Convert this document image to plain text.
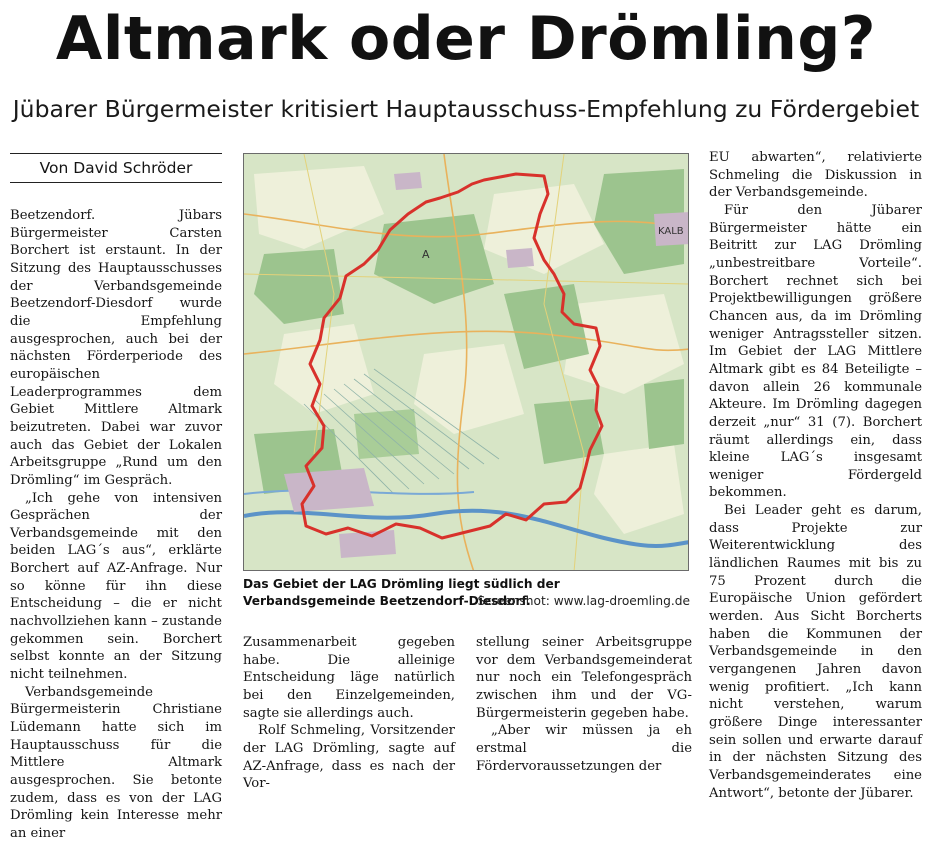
Altmark oder Drömling?
Jübarer Bürgermeister kritisiert Hauptausschuss-Empfehlung zu Fördergebiet
Von David Schröder

Beetzendorf. Jübars Bürgermeister Carsten Borchert ist erstaunt. In der Sitzung des Hauptausschusses der Verbandsgemeinde Beetzendorf-Diesdorf wurde die Empfehlung ausgesprochen, auch bei der nächsten Förderperiode des europäischen Leaderprogrammes dem Gebiet Mittlere Altmark beizutreten. Dabei war zuvor auch das Gebiet der Lokalen Arbeitsgruppe „Rund um den Drömling“ im Gespräch.

„Ich gehe von intensiven Gesprächen der Verbandsgemeinde mit den beiden LAG´s aus“, erklärte Borchert auf AZ-Anfrage. Nur so könne für ihn diese Entscheidung – die er nicht nachvollziehen kann – zustande gekommen sein. Borchert selbst konnte an der Sitzung nicht teilnehmen.

Verbandsgemeinde Bürgermeisterin Christiane Lüdemann hatte sich im Hauptausschuss für die Mittlere Altmark ausgesprochen. Sie betonte zudem, dass es von der LAG Drömling kein Interesse mehr an einer

KALB
A
Das Gebiet der LAG Drömling liegt südlich der Verbandsgemeinde Beetzendorf-Diesdorf.
Screenshot: www.lag-droemling.de

Zusammenarbeit gegeben habe. Die alleinige Entscheidung läge natürlich bei den Einzelgemeinden, sagte sie allerdings auch.

Rolf Schmeling, Vorsitzender der LAG Drömling, sagte auf AZ-Anfrage, dass es nach der Vor-

stellung seiner Arbeitsgruppe vor dem Verbandsgemeinderat nur noch ein Telefongespräch zwischen ihm und der VG-Bürgermeisterin gegeben habe.

„Aber wir müssen ja eh erstmal die Fördervoraussetzungen der

EU abwarten“, relativierte Schmeling die Diskussion in der Verbandsgemeinde.

Für den Jübarer Bürgermeister hätte ein Beitritt zur LAG Drömling „unbestreitbare Vorteile“. Borchert rechnet sich bei Projektbewilligungen größere Chancen aus, da im Drömling weniger Antragssteller sitzen. Im Gebiet der LAG Mittlere Altmark gibt es 84 Beteiligte – davon allein 26 kommunale Akteure. Im Drömling dagegen derzeit „nur“ 31 (7). Borchert räumt allerdings ein, dass kleine LAG´s insgesamt weniger Fördergeld bekommen.

Bei Leader geht es darum, dass Projekte zur Weiterentwicklung des ländlichen Raumes mit bis zu 75 Prozent durch die Europäische Union gefördert werden. Aus Sicht Borcherts haben die Kommunen der Verbandsgemeinde in den vergangenen Jahren davon wenig profitiert. „Ich kann nicht verstehen, warum größere Dinge interessanter sein sollen und erwarte darauf in der nächsten Sitzung des Verbandsgemeinderates eine Antwort“, betonte der Jübarer.
